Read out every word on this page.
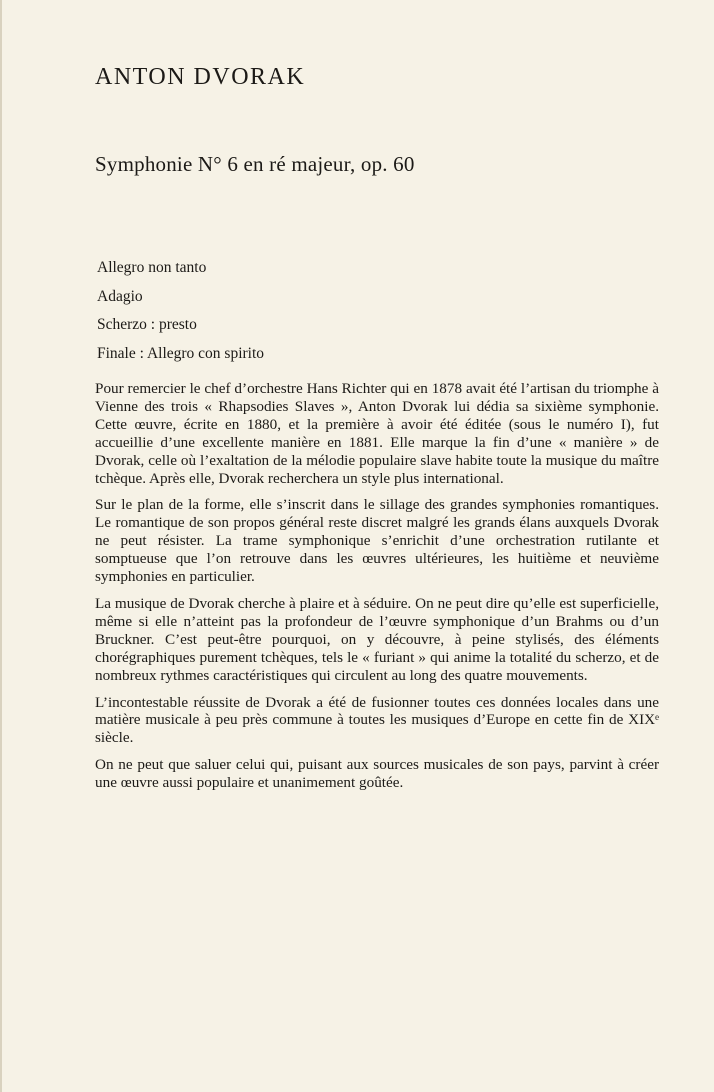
ANTON DVORAK
Symphonie N° 6 en ré majeur, op. 60
Allegro non tanto
Adagio
Scherzo : presto
Finale : Allegro con spirito

Pour remercier le chef d’orchestre Hans Richter qui en 1878 avait été l’artisan du triomphe à Vienne des trois « Rhapsodies Slaves », Anton Dvorak lui dédia sa sixième symphonie. Cette œuvre, écrite en 1880, et la première à avoir été éditée (sous le numéro I), fut accueillie d’une excellente manière en 1881. Elle marque la fin d’une « manière » de Dvorak, celle où l’exaltation de la mélodie populaire slave habite toute la musique du maître tchèque. Après elle, Dvorak recherchera un style plus international.

Sur le plan de la forme, elle s’inscrit dans le sillage des grandes symphonies romantiques. Le romantique de son propos général reste discret malgré les grands élans auxquels Dvorak ne peut résister. La trame symphonique s’enrichit d’une orchestration rutilante et somptueuse que l’on retrouve dans les œuvres ultérieures, les huitième et neuvième symphonies en particulier.

La musique de Dvorak cherche à plaire et à séduire. On ne peut dire qu’elle est superficielle, même si elle n’atteint pas la profondeur de l’œuvre symphonique d’un Brahms ou d’un Bruckner. C’est peut-être pourquoi, on y découvre, à peine stylisés, des éléments chorégraphiques purement tchèques, tels le « furiant » qui anime la totalité du scherzo, et de nombreux rythmes caractéristiques qui circulent au long des quatre mouvements.

L’incontestable réussite de Dvorak a été de fusionner toutes ces données locales dans une matière musicale à peu près commune à toutes les musiques d’Europe en cette fin de XIXᵉ siècle.

On ne peut que saluer celui qui, puisant aux sources musicales de son pays, parvint à créer une œuvre aussi populaire et unanimement goûtée.
